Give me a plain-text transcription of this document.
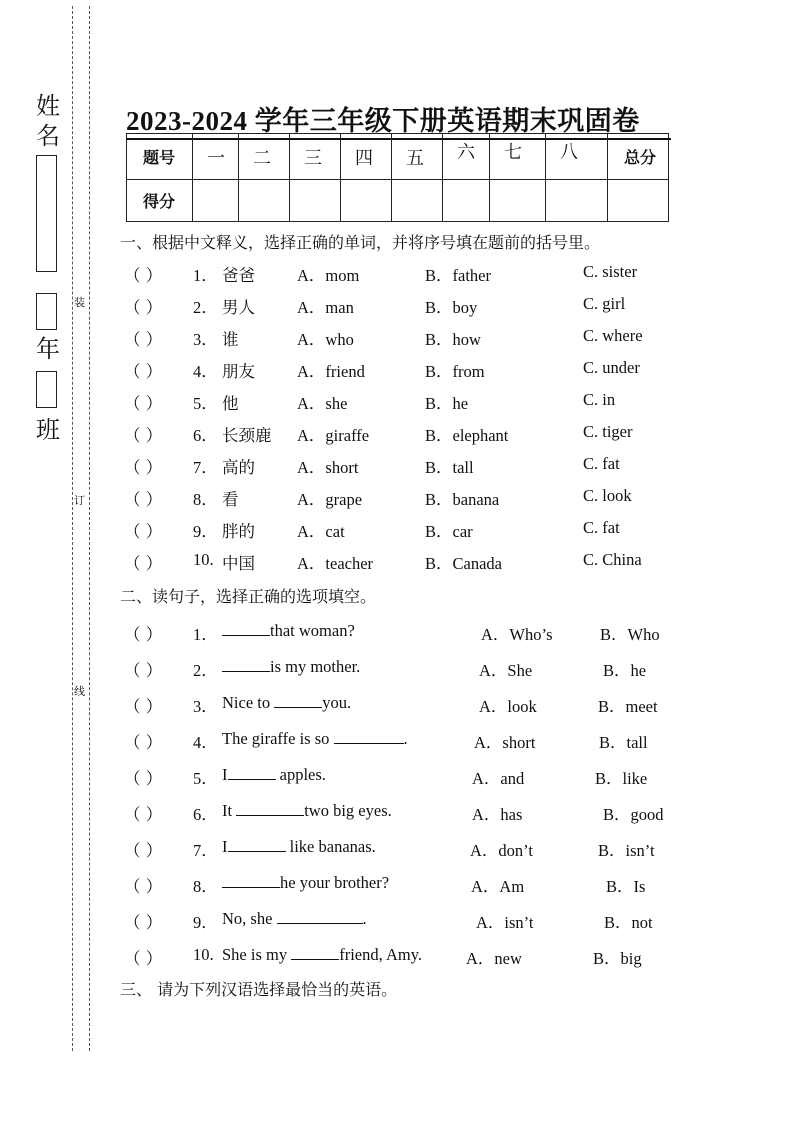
姓
名
年
班
装
订
线
2023-2024 学年三年级下册英语期末巩固卷
题号	一	二	三	四	五	六	七	八	总分
得分									
一、根据中文释义，选择正确的单词，并将序号填在题前的括号里。
（ ） 1． 爸爸	A．mom	B．father	C. sister
（ ） 2． 男人	A．man	B．boy	C. girl
（ ） 3． 谁	A．who	B．how	C. where
（ ） 4． 朋友	A．friend	B．from	C. under
（ ） 5． 他	A．she	B．he	C. in
（ ） 6． 长颈鹿 A．giraffe	B．elephant	C. tiger
（ ） 7． 高的	A．short	B．tall	C. fat
（ ） 8． 看	A．grape	B．banana	C. look
（ ） 9． 胖的	A．cat	B．car	C. fat
（ ） 10. 中国	A．teacher	B．Canada	C. China
二、读句子，选择正确的选项填空。
（ ） 1．	that woman?	A．Who’s	B．Who
（ ） 2．	is my mother.	A．She	B．he
（ ） 3． Nice to	you.	A．look	B．meet
（ ） 4． The giraffe is so	.	A．short	B．tall
（ ） 5． I	apples.	A．and	B．like
（ ） 6． It	two big eyes.	A．has	B．good
（ ） 7． I	like bananas.	A．don’t	B．isn’t
（ ） 8．	he your brother?	A．Am	B．Is
（ ） 9． No, she	.	A．isn’t	B．not
（ ） 10. She is my	friend, Amy.	A．new	B．big
三、 请为下列汉语选择最恰当的英语。
